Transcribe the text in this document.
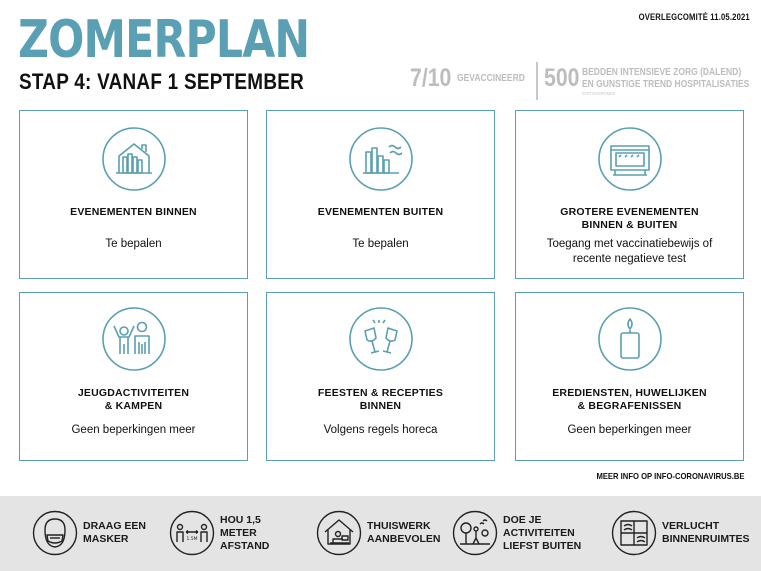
ZOMERPLAN
STAP 4: VANAF 1 SEPTEMBER
OVERLEGCOMITÉ 11.05.2021
7/10 GEVACCINEERD 500 BEDDEN INTENSIEVE ZORG (DALEND)
EN GUNSTIGE TREND HOSPITALISATIES
#CRTOIAWFKMKE
EVENEMENTEN BINNEN
Te bepalen
EVENEMENTEN BUITEN
Te bepalen
GROTERE EVENEMENTEN
BINNEN & BUITEN
Toegang met vaccinatiebewijs of recente negatieve test
JEUGDACTIVITEITEN
& KAMPEN
Geen beperkingen meer
FEESTEN & RECEPTIES
BINNEN
Volgens regels horeca
EREDIENSTEN, HUWELIJKEN
& BEGRAFENISSEN
Geen beperkingen meer
MEER INFO OP INFO-CORONAVIRUS.BE
DRAAG EEN
MASKER	1.5M
HOU 1,5
METER AFSTAND
THUISWERK
AANBEVOLEN
DOE JE ACTIVITEITEN
LIEFST BUITEN
VERLUCHT
BINNENRUIMTES
